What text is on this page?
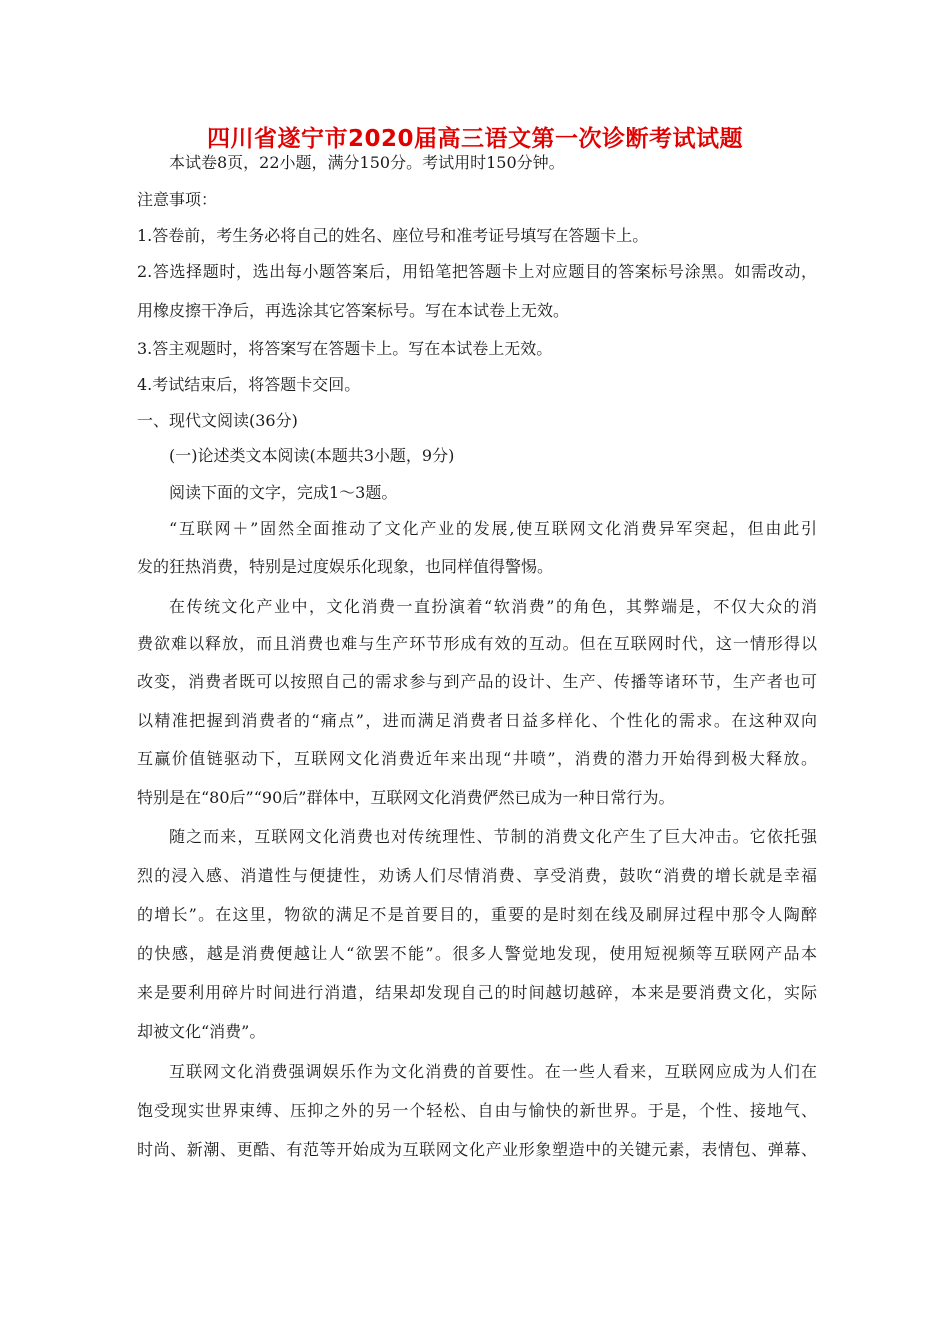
四川省遂宁市2020届高三语文第一次诊断考试试题
本试卷8页，22小题，满分150分。考试用时150分钟。
注意事项：
1.答卷前，考生务必将自己的姓名、座位号和准考证号填写在答题卡上。
2.答选择题时，选出每小题答案后，用铅笔把答题卡上对应题目的答案标号涂黑。如需改动，
用橡皮擦干净后，再选涂其它答案标号。写在本试卷上无效。
3.答主观题时，将答案写在答题卡上。写在本试卷上无效。
4.考试结束后，将答题卡交回。
一、现代文阅读(36分)
(一)论述类文本阅读(本题共3小题，9分)
阅读下面的文字，完成1～3题。
“互联网＋”固然全面推动了文化产业的发展,使互联网文化消费异军突起，但由此引
发的狂热消费，特别是过度娱乐化现象，也同样值得警惕。
在传统文化产业中，文化消费一直扮演着“软消费”的角色，其弊端是，不仅大众的消
费欲难以释放，而且消费也难与生产环节形成有效的互动。但在互联网时代，这一情形得以
改变，消费者既可以按照自己的需求参与到产品的设计、生产、传播等诸环节，生产者也可
以精准把握到消费者的“痛点”，进而满足消费者日益多样化、个性化的需求。在这种双向
互赢价值链驱动下，互联网文化消费近年来出现“井喷”，消费的潜力开始得到极大释放。
特别是在“80后”“90后”群体中，互联网文化消费俨然已成为一种日常行为。
随之而来，互联网文化消费也对传统理性、节制的消费文化产生了巨大冲击。它依托强
烈的浸入感、消遣性与便捷性，劝诱人们尽情消费、享受消费，鼓吹“消费的增长就是幸福
的增长”。在这里，物欲的满足不是首要目的，重要的是时刻在线及刷屏过程中那令人陶醉
的快感，越是消费便越让人“欲罢不能”。很多人警觉地发现，使用短视频等互联网产品本
来是要利用碎片时间进行消遣，结果却发现自己的时间越切越碎，本来是要消费文化，实际
却被文化“消费”。
互联网文化消费强调娱乐作为文化消费的首要性。在一些人看来，互联网应成为人们在
饱受现实世界束缚、压抑之外的另一个轻松、自由与愉快的新世界。于是，个性、接地气、
时尚、新潮、更酷、有范等开始成为互联网文化产业形象塑造中的关键元素，表情包、弹幕、
